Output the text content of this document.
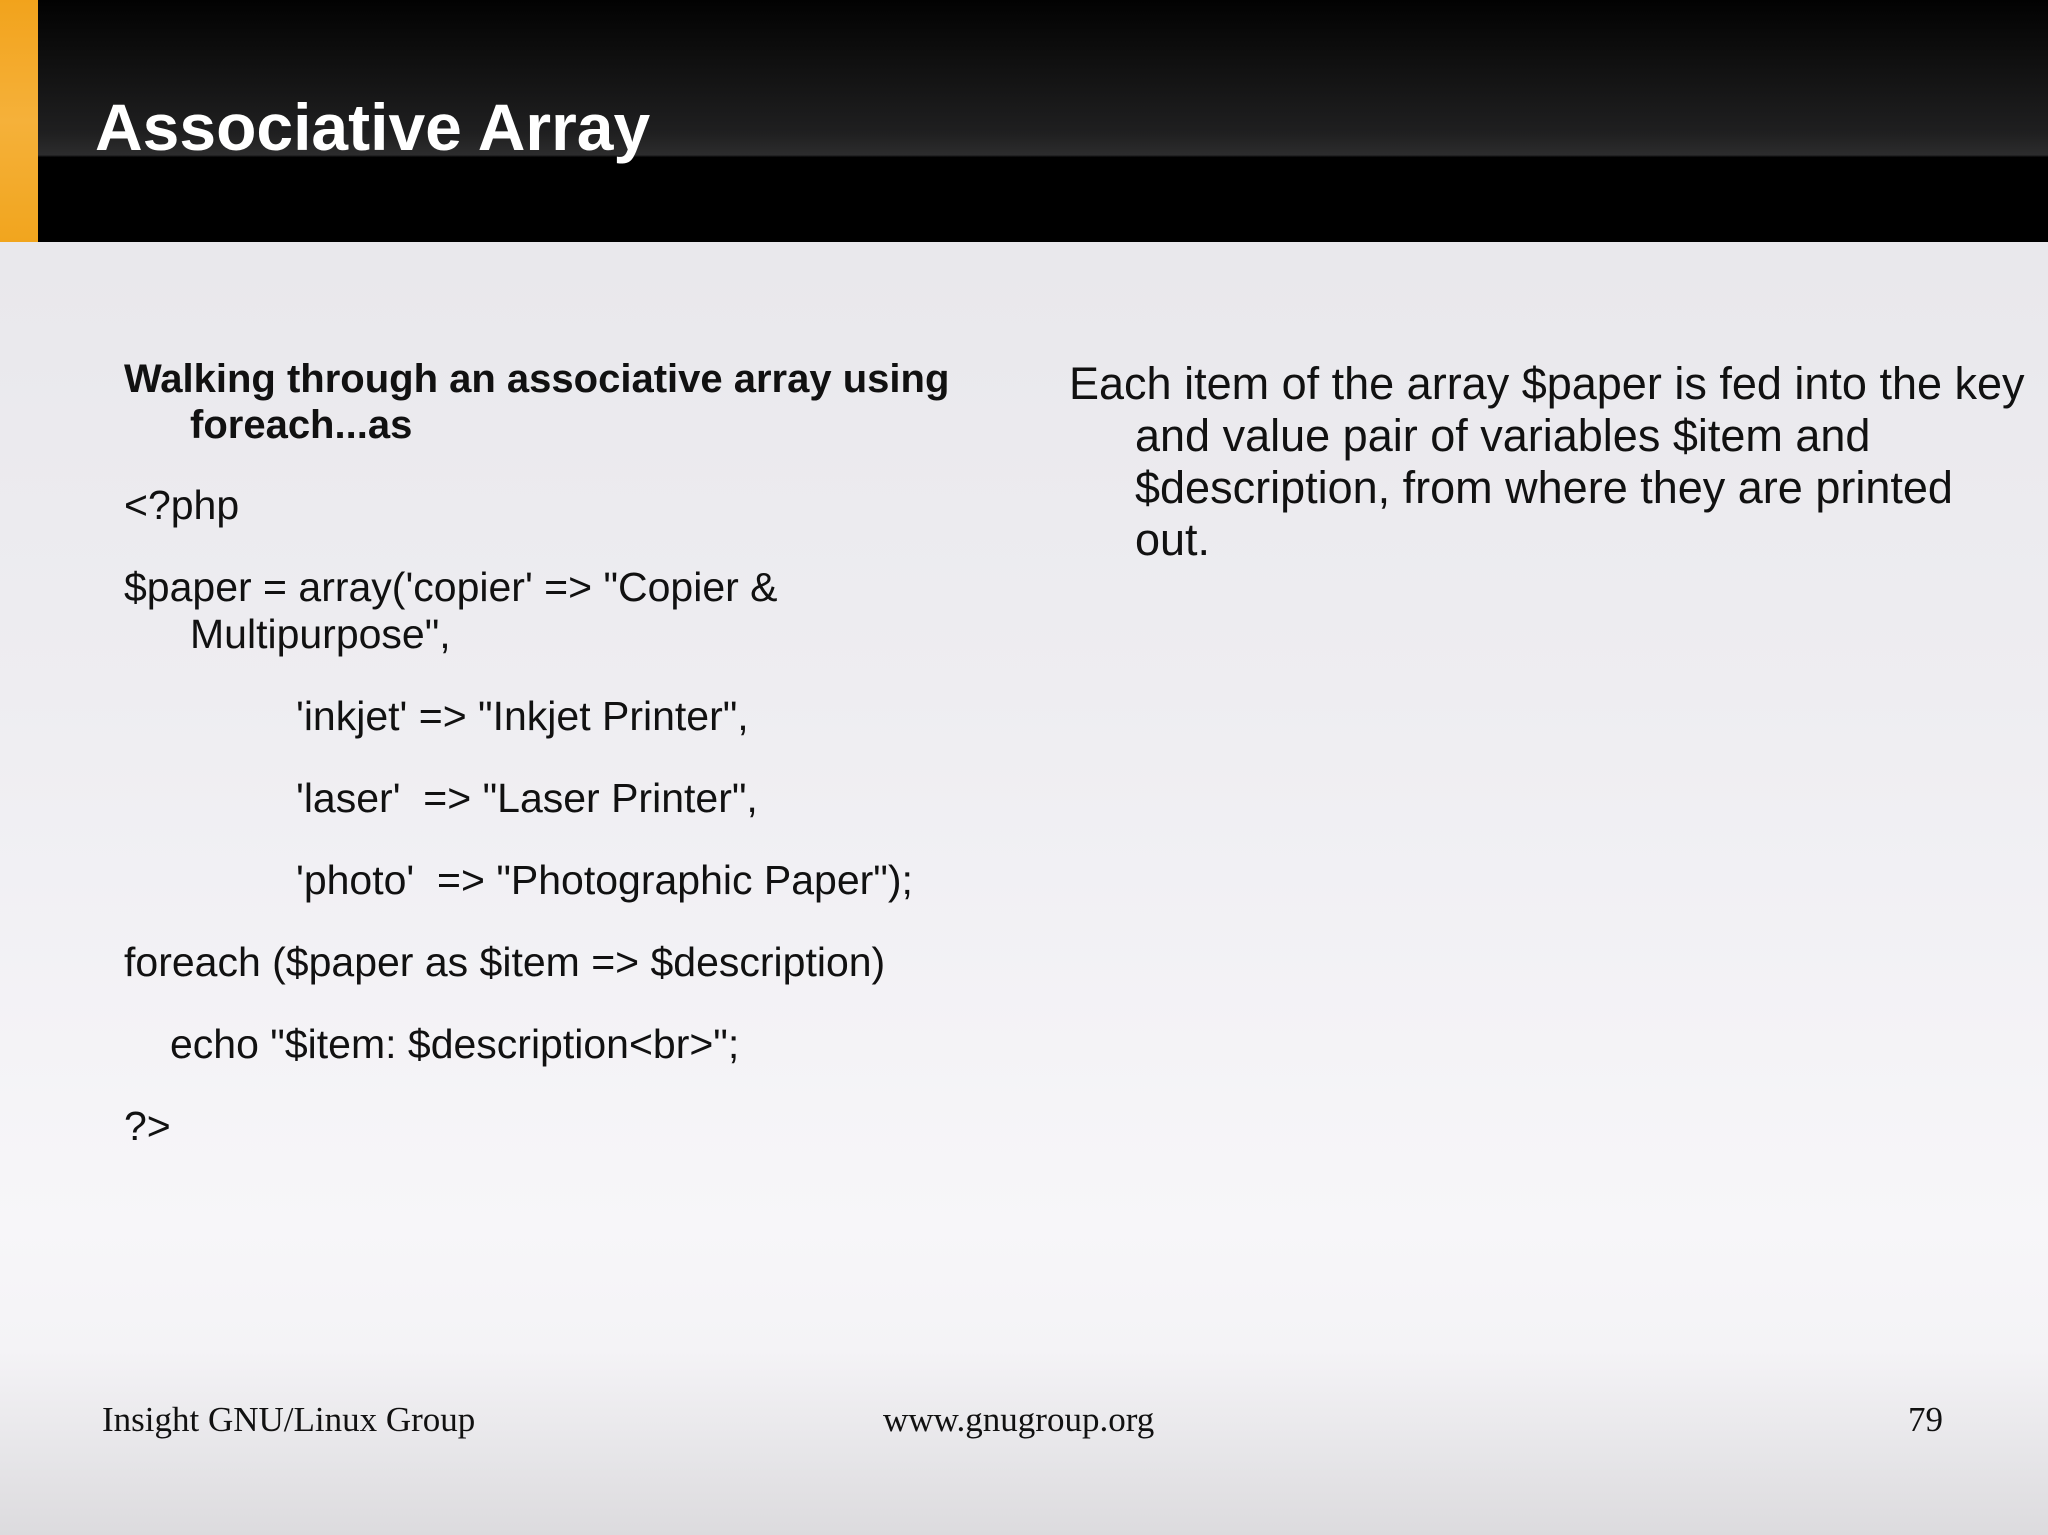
Associative Array
Walking through an associative array using foreach...as
<?php
$paper = array('copier' => "Copier & Multipurpose",
'inkjet' => "Inkjet Printer",
'laser'  => "Laser Printer",
'photo'  => "Photographic Paper");
foreach ($paper as $item => $description)
echo "$item: $description<br>";
?>
Each item of the array $paper is fed into the key and value pair of variables $item and $description, from where they are printed out.
Insight GNU/Linux Group	www.gnugroup.org	79
